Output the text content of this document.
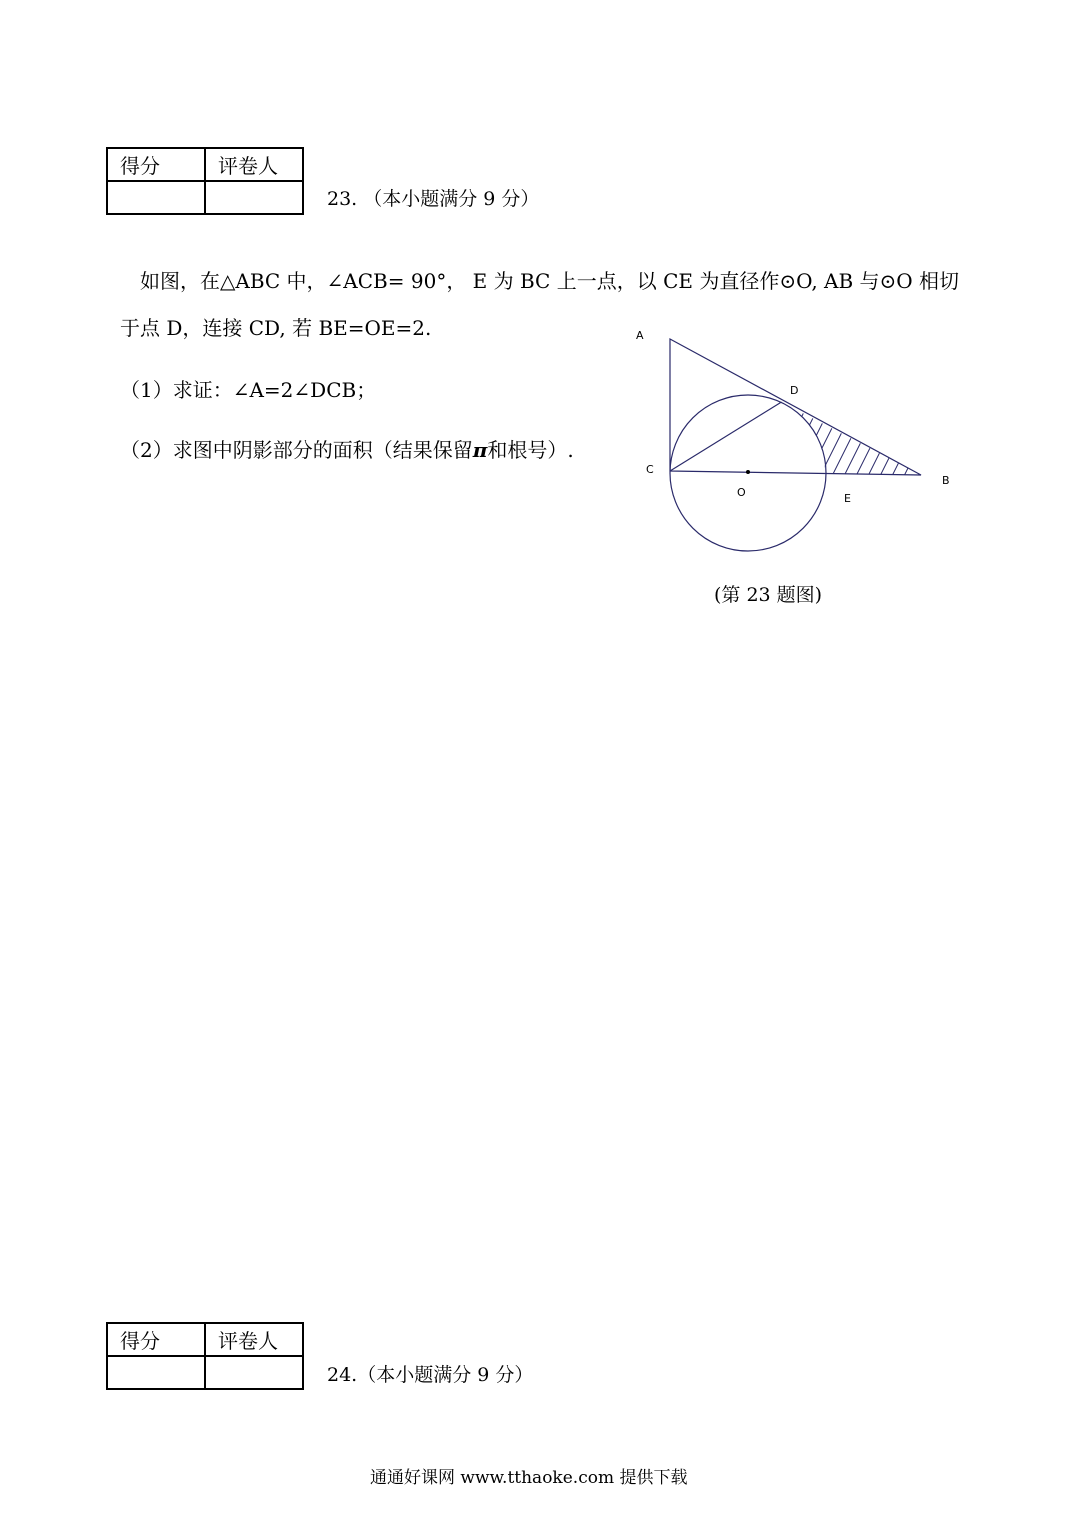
得分	评卷人

23. （本小题满分 9 分）
如图，在△ABC 中，∠ACB= 90°， E 为 BC 上一点，以 CE 为直径作⊙O, AB 与⊙O 相切
于点 D，连接 CD, 若 BE=OE=2.
（1）求证：∠A=2∠DCB；
（2）求图中阴影部分的面积（结果保留π和根号）.
A
B
C
D
E
O
(第 23 题图)
得分	评卷人

24.（本小题满分 9 分）
通通好课网 www.tthaoke.com 提供下载
